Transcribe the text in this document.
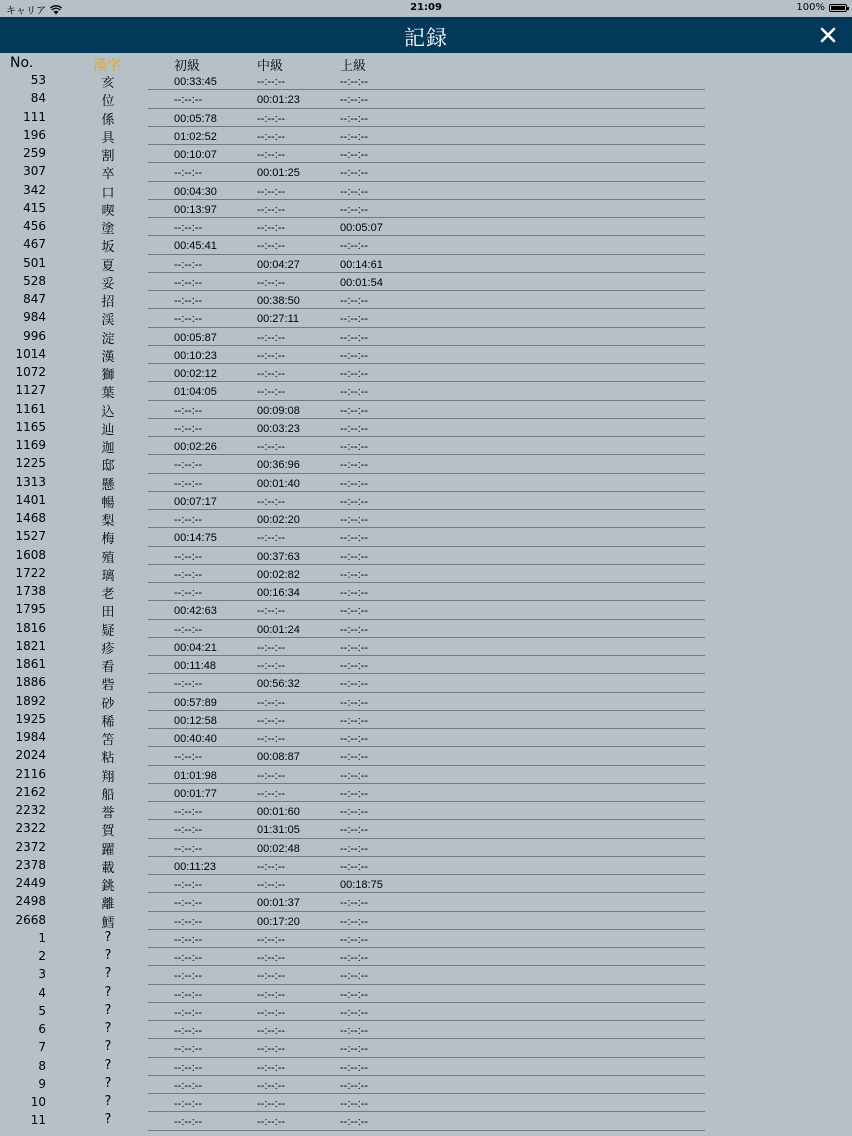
キャリア	21:09	100%
記録
No.	漢字	初級	中級	上級
53	亥	00:33:45	--:--:--	--:--:--
84	位	--:--:--	00:01:23	--:--:--
111	係	00:05:78	--:--:--	--:--:--
196	具	01:02:52	--:--:--	--:--:--
259	割	00:10:07	--:--:--	--:--:--
307	卒	--:--:--	00:01:25	--:--:--
342	口	00:04:30	--:--:--	--:--:--
415	喫	00:13:97	--:--:--	--:--:--
456	塗	--:--:--	--:--:--	00:05:07
467	坂	00:45:41	--:--:--	--:--:--
501	夏	--:--:--	00:04:27	00:14:61
528	妥	--:--:--	--:--:--	00:01:54
847	招	--:--:--	00:38:50	--:--:--
984	渓	--:--:--	00:27:11	--:--:--
996	淀	00:05:87	--:--:--	--:--:--
1014	漢	00:10:23	--:--:--	--:--:--
1072	獅	00:02:12	--:--:--	--:--:--
1127	葉	01:04:05	--:--:--	--:--:--
1161	込	--:--:--	00:09:08	--:--:--
1165	辿	--:--:--	00:03:23	--:--:--
1169	迦	00:02:26	--:--:--	--:--:--
1225	邸	--:--:--	00:36:96	--:--:--
1313	懸	--:--:--	00:01:40	--:--:--
1401	暢	00:07:17	--:--:--	--:--:--
1468	梨	--:--:--	00:02:20	--:--:--
1527	梅	00:14:75	--:--:--	--:--:--
1608	殖	--:--:--	00:37:63	--:--:--
1722	璃	--:--:--	00:02:82	--:--:--
1738	老	--:--:--	00:16:34	--:--:--
1795	田	00:42:63	--:--:--	--:--:--
1816	疑	--:--:--	00:01:24	--:--:--
1821	疹	00:04:21	--:--:--	--:--:--
1861	看	00:11:48	--:--:--	--:--:--
1886	砦	--:--:--	00:56:32	--:--:--
1892	砂	00:57:89	--:--:--	--:--:--
1925	稀	00:12:58	--:--:--	--:--:--
1984	笘	00:40:40	--:--:--	--:--:--
2024	粘	--:--:--	00:08:87	--:--:--
2116	翔	01:01:98	--:--:--	--:--:--
2162	船	00:01:77	--:--:--	--:--:--
2232	誉	--:--:--	00:01:60	--:--:--
2322	賀	--:--:--	01:31:05	--:--:--
2372	躍	--:--:--	00:02:48	--:--:--
2378	載	00:11:23	--:--:--	--:--:--
2449	銚	--:--:--	--:--:--	00:18:75
2498	離	--:--:--	00:01:37	--:--:--
2668	鱈	--:--:--	00:17:20	--:--:--
1	?	--:--:--	--:--:--	--:--:--
2	?	--:--:--	--:--:--	--:--:--
3	?	--:--:--	--:--:--	--:--:--
4	?	--:--:--	--:--:--	--:--:--
5	?	--:--:--	--:--:--	--:--:--
6	?	--:--:--	--:--:--	--:--:--
7	?	--:--:--	--:--:--	--:--:--
8	?	--:--:--	--:--:--	--:--:--
9	?	--:--:--	--:--:--	--:--:--
10	?	--:--:--	--:--:--	--:--:--
11	?	--:--:--	--:--:--	--:--:--
